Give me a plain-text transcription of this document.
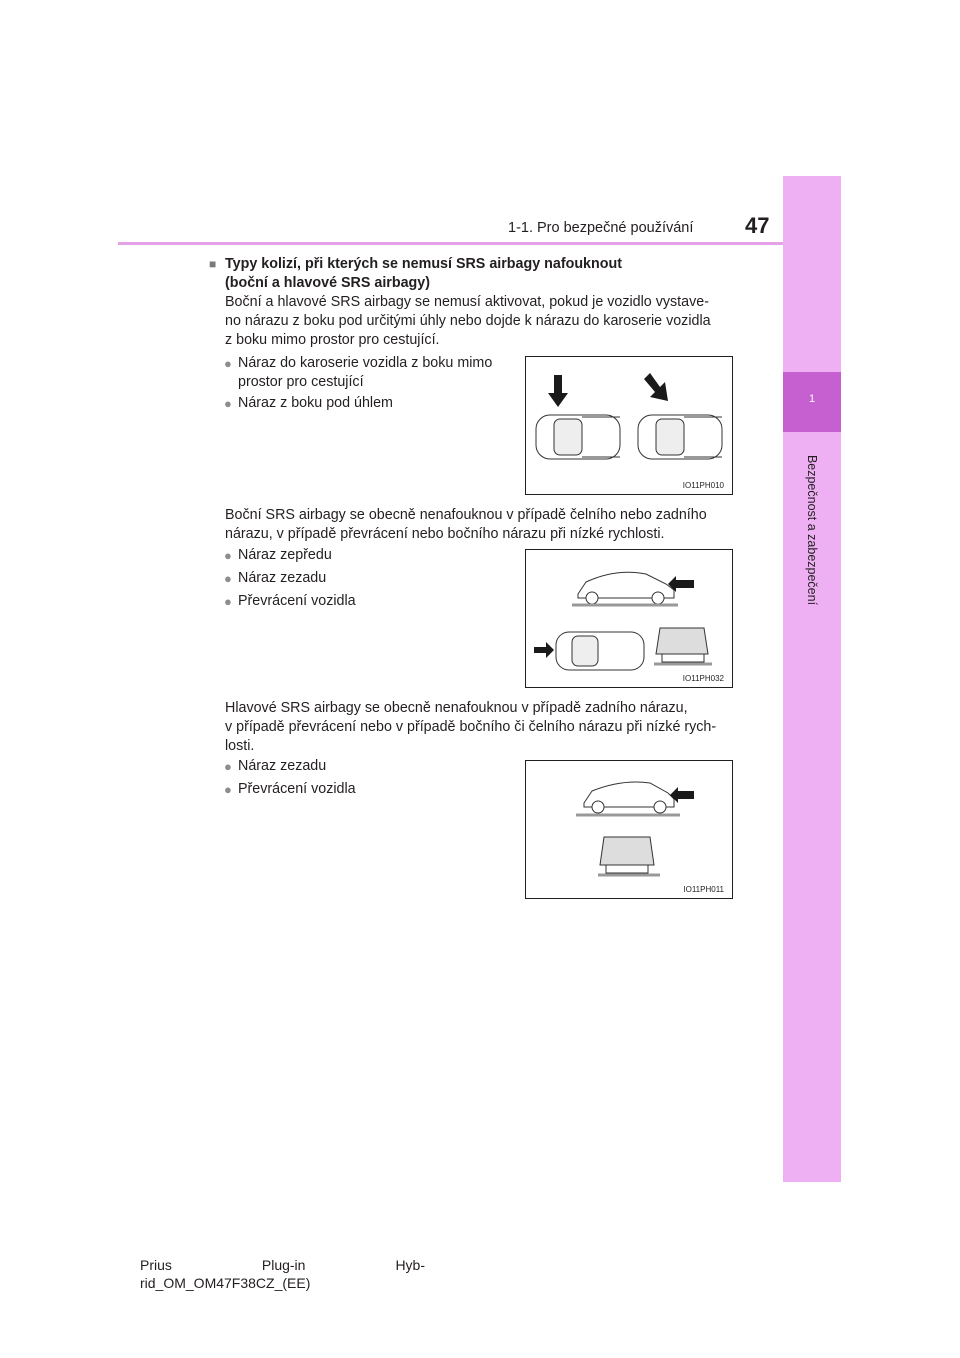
1-1. Pro bezpečné používání 47
1
Bezpečnost a zabezpečení
■ Typy kolizí, při kterých se nemusí SRS airbagy nafouknout
(boční a hlavové SRS airbagy)
Boční a hlavové SRS airbagy se nemusí aktivovat, pokud je vozidlo vystave-
no nárazu z boku pod určitými úhly nebo dojde k nárazu do karoserie vozidla
z boku mimo prostor pro cestující.
● Náraz do karoserie vozidla z boku mimo
prostor pro cestující
● Náraz z boku pod úhlem
IO11PH010
Boční SRS airbagy se obecně nenafouknou v případě čelního nebo zadního
nárazu, v případě převrácení nebo bočního nárazu při nízké rychlosti.
● Náraz zepředu
● Náraz zezadu
● Převrácení vozidla
IO11PH032
Hlavové SRS airbagy se obecně nenafouknou v případě zadního nárazu,
v případě převrácení nebo v případě bočního či čelního nárazu při nízké rych-
losti.
● Náraz zezadu
● Převrácení vozidla
IO11PH011
Prius	Plug-in	Hyb-
rid_OM_OM47F38CZ_(EE)
